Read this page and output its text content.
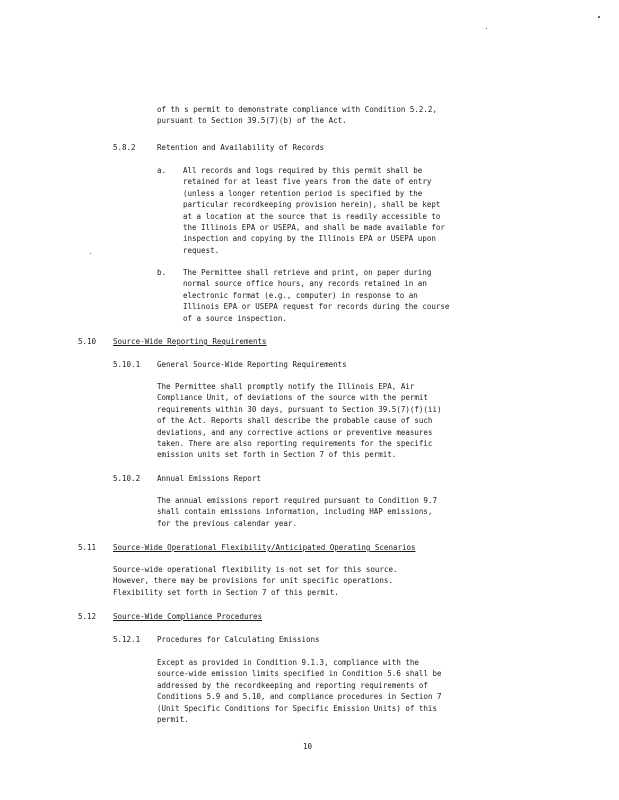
of th s permit to demonstrate compliance with Condition 5.2.2,
pursuant to Section 39.5(7)(b) of the Act.
5.8.2	Retention and Availability of Records
a. All records and logs required by this permit shall be
retained for at least five years from the date of entry
(unless a longer retention period is specified by the
particular recordkeeping provision herein), shall be kept
at a location at the source that is readily accessible to
the Illinois EPA or USEPA, and shall be made available for
inspection and copying by the Illinois EPA or USEPA upon
request.
b. The Permittee shall retrieve and print, on paper during
normal source office hours, any records retained in an
electronic format (e.g., computer) in response to an
Illinois EPA or USEPA request for records during the course
of a source inspection.
5.10 Source-Wide Reporting Requirements
5.10.1 General Source-Wide Reporting Requirements
The Permittee shall promptly notify the Illinois EPA, Air
Compliance Unit, of deviations of the source with the permit
requirements within 30 days, pursuant to Section 39.5(7)(f)(ii)
of the Act. Reports shall describe the probable cause of such
deviations, and any corrective actions or preventive measures
taken. There are also reporting requirements for the specific
emission units set forth in Section 7 of this permit.
5.10.2 Annual Emissions Report
The annual emissions report required pursuant to Condition 9.7
shall contain emissions information, including HAP emissions,
for the previous calendar year.
5.11 Source-Wide Operational Flexibility/Anticipated Operating Scenarios
Source-wide operational flexibility is not set for this source.
However, there may be provisions for unit specific operations.
Flexibility set forth in Section 7 of this permit.
5.12 Source-Wide Compliance Procedures
5.12.1 Procedures for Calculating Emissions
Except as provided in Condition 9.1.3, compliance with the
source-wide emission limits specified in Condition 5.6 shall be
addressed by the recordkeeping and reporting requirements of
Conditions 5.9 and 5.10, and compliance procedures in Section 7
(Unit Specific Conditions for Specific Emission Units) of this
permit.
10
